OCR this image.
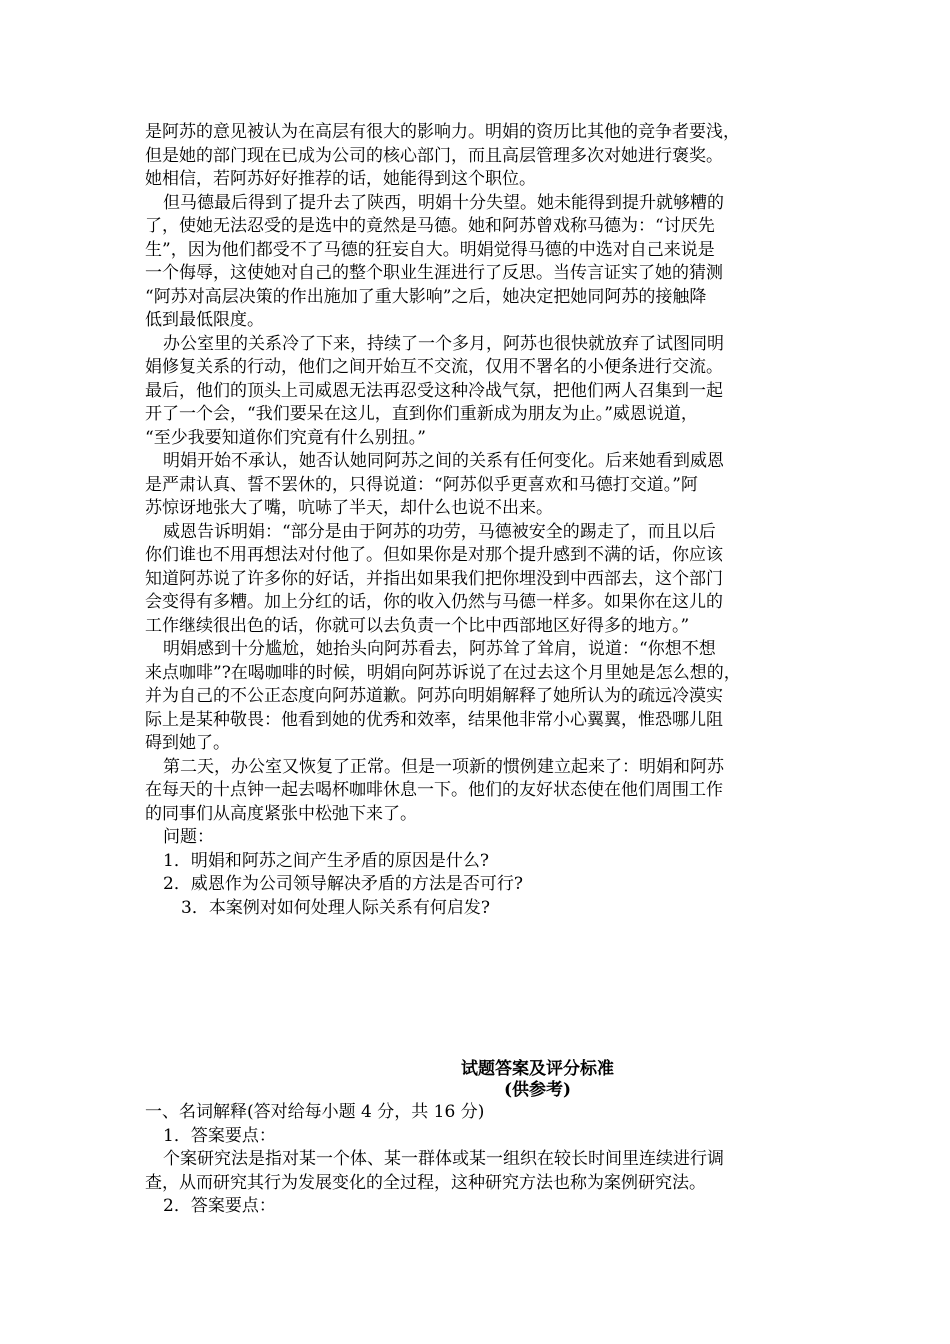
是阿苏的意见被认为在高层有很大的影响力。明娟的资历比其他的竞争者要浅，
但是她的部门现在已成为公司的核心部门，而且高层管理多次对她进行褒奖。
她相信，若阿苏好好推荐的话，她能得到这个职位。
但马德最后得到了提升去了陕西，明娟十分失望。她未能得到提升就够糟的
了，使她无法忍受的是选中的竟然是马德。她和阿苏曾戏称马德为：“讨厌先
生”，因为他们都受不了马德的狂妄自大。明娟觉得马德的中选对自己来说是
一个侮辱，这使她对自己的整个职业生涯进行了反思。当传言证实了她的猜测
“阿苏对高层决策的作出施加了重大影响”之后，她决定把她同阿苏的接触降
低到最低限度。
办公室里的关系冷了下来，持续了一个多月，阿苏也很快就放弃了试图同明
娟修复关系的行动，他们之间开始互不交流，仅用不署名的小便条进行交流。
最后，他们的顶头上司威恩无法再忍受这种冷战气氛，把他们两人召集到一起
开了一个会，“我们要呆在这儿，直到你们重新成为朋友为止。”威恩说道，
“至少我要知道你们究竟有什么别扭。”
明娟开始不承认，她否认她同阿苏之间的关系有任何变化。后来她看到威恩
是严肃认真、誓不罢休的，只得说道：“阿苏似乎更喜欢和马德打交道。”阿
苏惊讶地张大了嘴，吭哧了半天，却什么也说不出来。
威恩告诉明娟：“部分是由于阿苏的功劳，马德被安全的踢走了，而且以后
你们谁也不用再想法对付他了。但如果你是对那个提升感到不满的话，你应该
知道阿苏说了许多你的好话，并指出如果我们把你埋没到中西部去，这个部门
会变得有多糟。加上分红的话，你的收入仍然与马德一样多。如果你在这儿的
工作继续很出色的话，你就可以去负责一个比中西部地区好得多的地方。”
明娟感到十分尴尬，她抬头向阿苏看去，阿苏耸了耸肩，说道：“你想不想
来点咖啡”?在喝咖啡的时候，明娟向阿苏诉说了在过去这个月里她是怎么想的，
并为自己的不公正态度向阿苏道歉。阿苏向明娟解释了她所认为的疏远冷漠实
际上是某种敬畏：他看到她的优秀和效率，结果他非常小心翼翼，惟恐哪儿阻
碍到她了。
第二天，办公室又恢复了正常。但是一项新的惯例建立起来了：明娟和阿苏
在每天的十点钟一起去喝杯咖啡休息一下。他们的友好状态使在他们周围工作
的同事们从高度紧张中松弛下来了。
问题：
1．明娟和阿苏之间产生矛盾的原因是什么?
2．威恩作为公司领导解决矛盾的方法是否可行?
3．本案例对如何处理人际关系有何启发?
试题答案及评分标准
(供参考)
一、名词解释(答对给每小题 4 分，共 16 分)
1．答案要点：
个案研究法是指对某一个体、某一群体或某一组织在较长时间里连续进行调
查，从而研究其行为发展变化的全过程，这种研究方法也称为案例研究法。
2．答案要点：
